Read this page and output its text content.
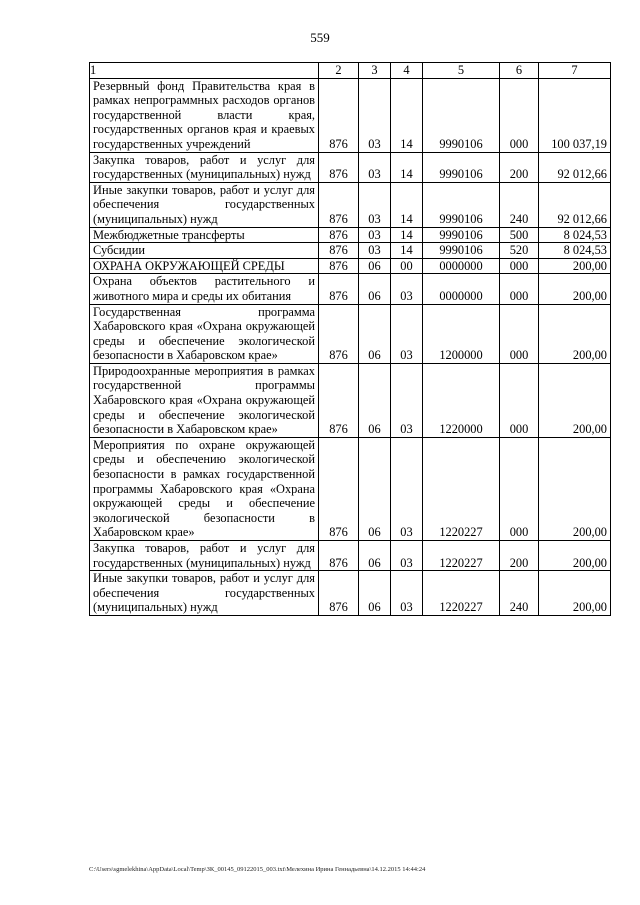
559
1	2	3	4	5	6	7
Резервный фонд Правительства края в рамках непрограммных расходов органов государственной власти края, государственных органов края и краевых государственных учреждений	876	03	14	9990106	000	100 037,19
Закупка товаров, работ и услуг для государственных (муниципальных) нужд	876	03	14	9990106	200	92 012,66
Иные закупки товаров, работ и услуг для обеспечения государственных (муниципальных) нужд	876	03	14	9990106	240	92 012,66
Межбюджетные трансферты	876	03	14	9990106	500	8 024,53
Субсидии	876	03	14	9990106	520	8 024,53
ОХРАНА ОКРУЖАЮЩЕЙ СРЕДЫ	876	06	00	0000000	000	200,00
Охрана объектов растительного и животного мира и среды их обитания	876	06	03	0000000	000	200,00
Государственная программа Хабаровского края «Охрана окружающей среды и обеспечение экологической безопасности в Хабаровском крае»	876	06	03	1200000	000	200,00
Природоохранные мероприятия в рамках государственной программы Хабаровского края «Охрана окружающей среды и обеспечение экологической безопасности в Хабаровском крае»	876	06	03	1220000	000	200,00
Мероприятия по охране окружающей среды и обеспечению экологической безопасности в рамках государственной программы Хабаровского края «Охрана окружающей среды и обеспечение экологической безопасности в Хабаровском крае»	876	06	03	1220227	000	200,00
Закупка товаров, работ и услуг для государственных (муниципальных) нужд	876	06	03	1220227	200	200,00
Иные закупки товаров, работ и услуг для обеспечения государственных (муниципальных) нужд	876	06	03	1220227	240	200,00
C:\Users\sgmelekhina\AppData\Local\Temp\ЗК_00145_09122015_003.txt\Мелехина Ирина Геннадьевна\14.12.2015 14:44:24
